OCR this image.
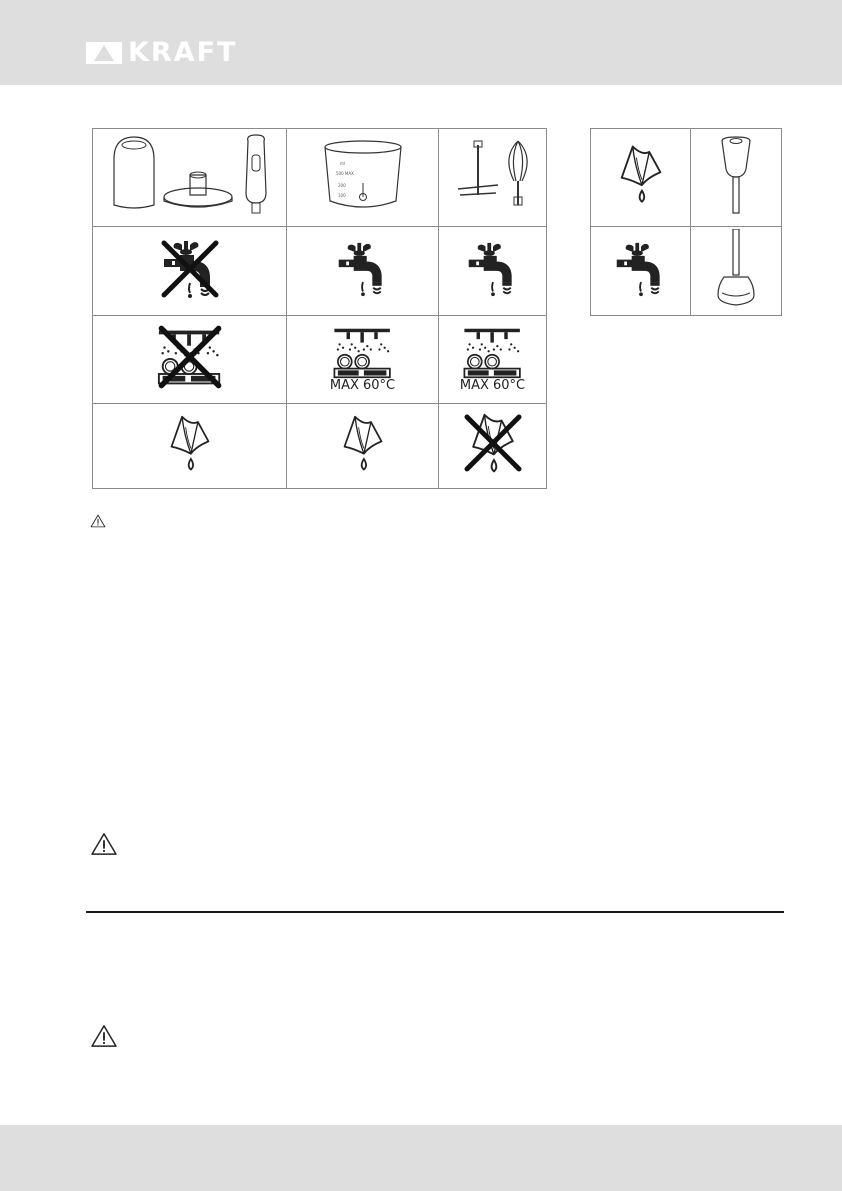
KRAFT

ml
500 MAX
200
100

MAX 60°C	MAX 60°C
